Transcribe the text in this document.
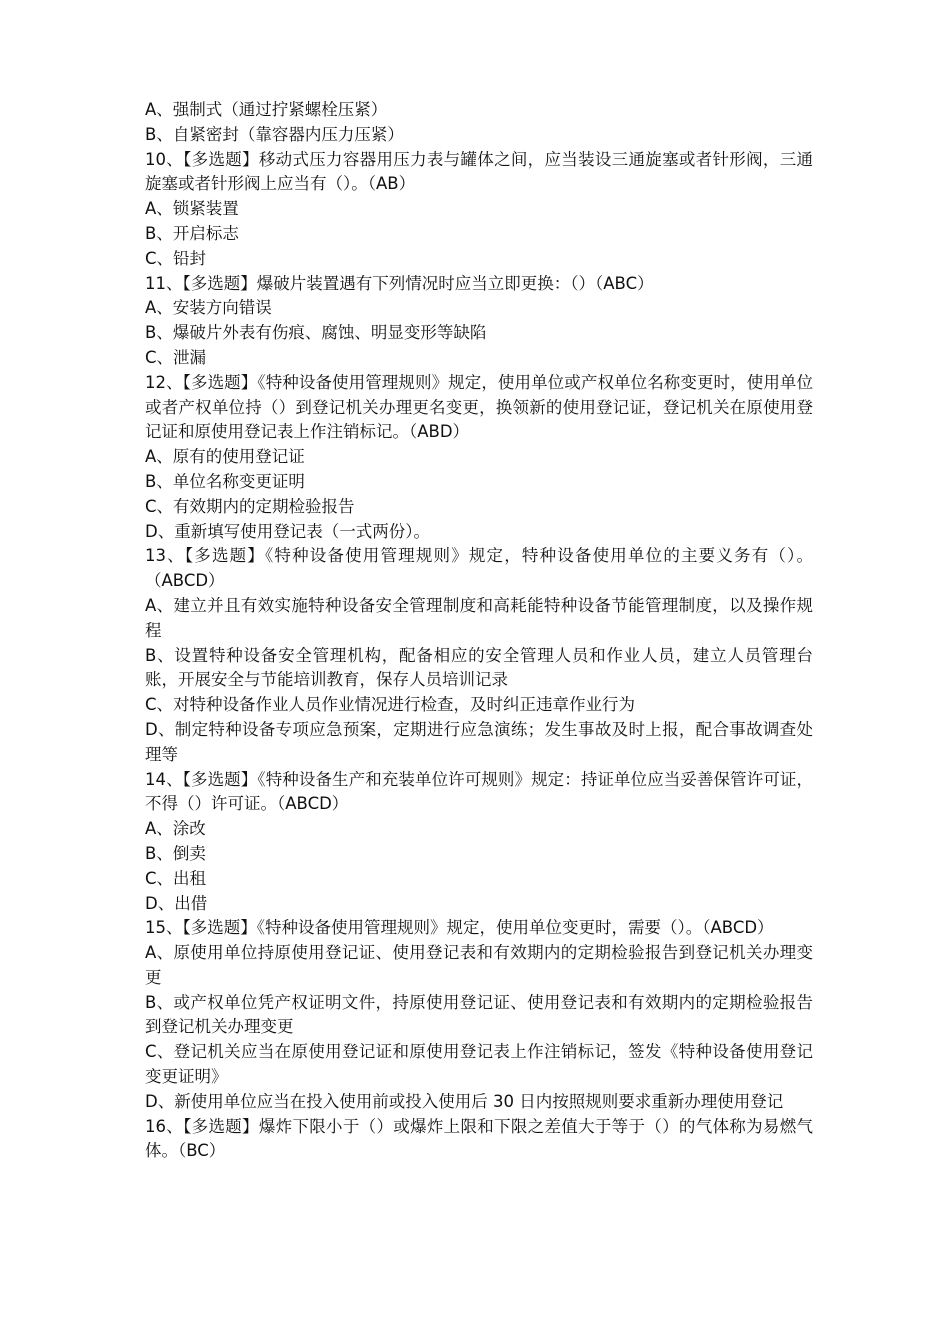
A、强制式（通过拧紧螺栓压紧）

B、自紧密封（靠容器内压力压紧）

10、【多选题】移动式压力容器用压力表与罐体之间，应当装设三通旋塞或者针形阀，三通旋塞或者针形阀上应当有（）。（AB）

A、锁紧装置

B、开启标志

C、铅封

11、【多选题】爆破片装置遇有下列情况时应当立即更换：（）（ABC）

A、安装方向错误

B、爆破片外表有伤痕、腐蚀、明显变形等缺陷

C、泄漏

12、【多选题】《特种设备使用管理规则》规定，使用单位或产权单位名称变更时，使用单位或者产权单位持（）到登记机关办理更名变更，换领新的使用登记证，登记机关在原使用登记证和原使用登记表上作注销标记。（ABD）

A、原有的使用登记证

B、单位名称变更证明

C、有效期内的定期检验报告

D、重新填写使用登记表（一式两份）。

13、【多选题】《特种设备使用管理规则》规定，特种设备使用单位的主要义务有（）。（ABCD）

A、建立并且有效实施特种设备安全管理制度和高耗能特种设备节能管理制度，以及操作规程

B、设置特种设备安全管理机构，配备相应的安全管理人员和作业人员，建立人员管理台账，开展安全与节能培训教育，保存人员培训记录

C、对特种设备作业人员作业情况进行检查，及时纠正违章作业行为

D、制定特种设备专项应急预案，定期进行应急演练；发生事故及时上报，配合事故调查处理等

14、【多选题】《特种设备生产和充装单位许可规则》规定：持证单位应当妥善保管许可证，不得（）许可证。（ABCD）

A、涂改

B、倒卖

C、出租

D、出借

15、【多选题】《特种设备使用管理规则》规定，使用单位变更时，需要（）。（ABCD）

A、原使用单位持原使用登记证、使用登记表和有效期内的定期检验报告到登记机关办理变更

B、或产权单位凭产权证明文件，持原使用登记证、使用登记表和有效期内的定期检验报告到登记机关办理变更

C、登记机关应当在原使用登记证和原使用登记表上作注销标记，签发《特种设备使用登记变更证明》

D、新使用单位应当在投入使用前或投入使用后 30 日内按照规则要求重新办理使用登记

16、【多选题】爆炸下限小于（）或爆炸上限和下限之差值大于等于（）的气体称为易燃气体。（BC）
